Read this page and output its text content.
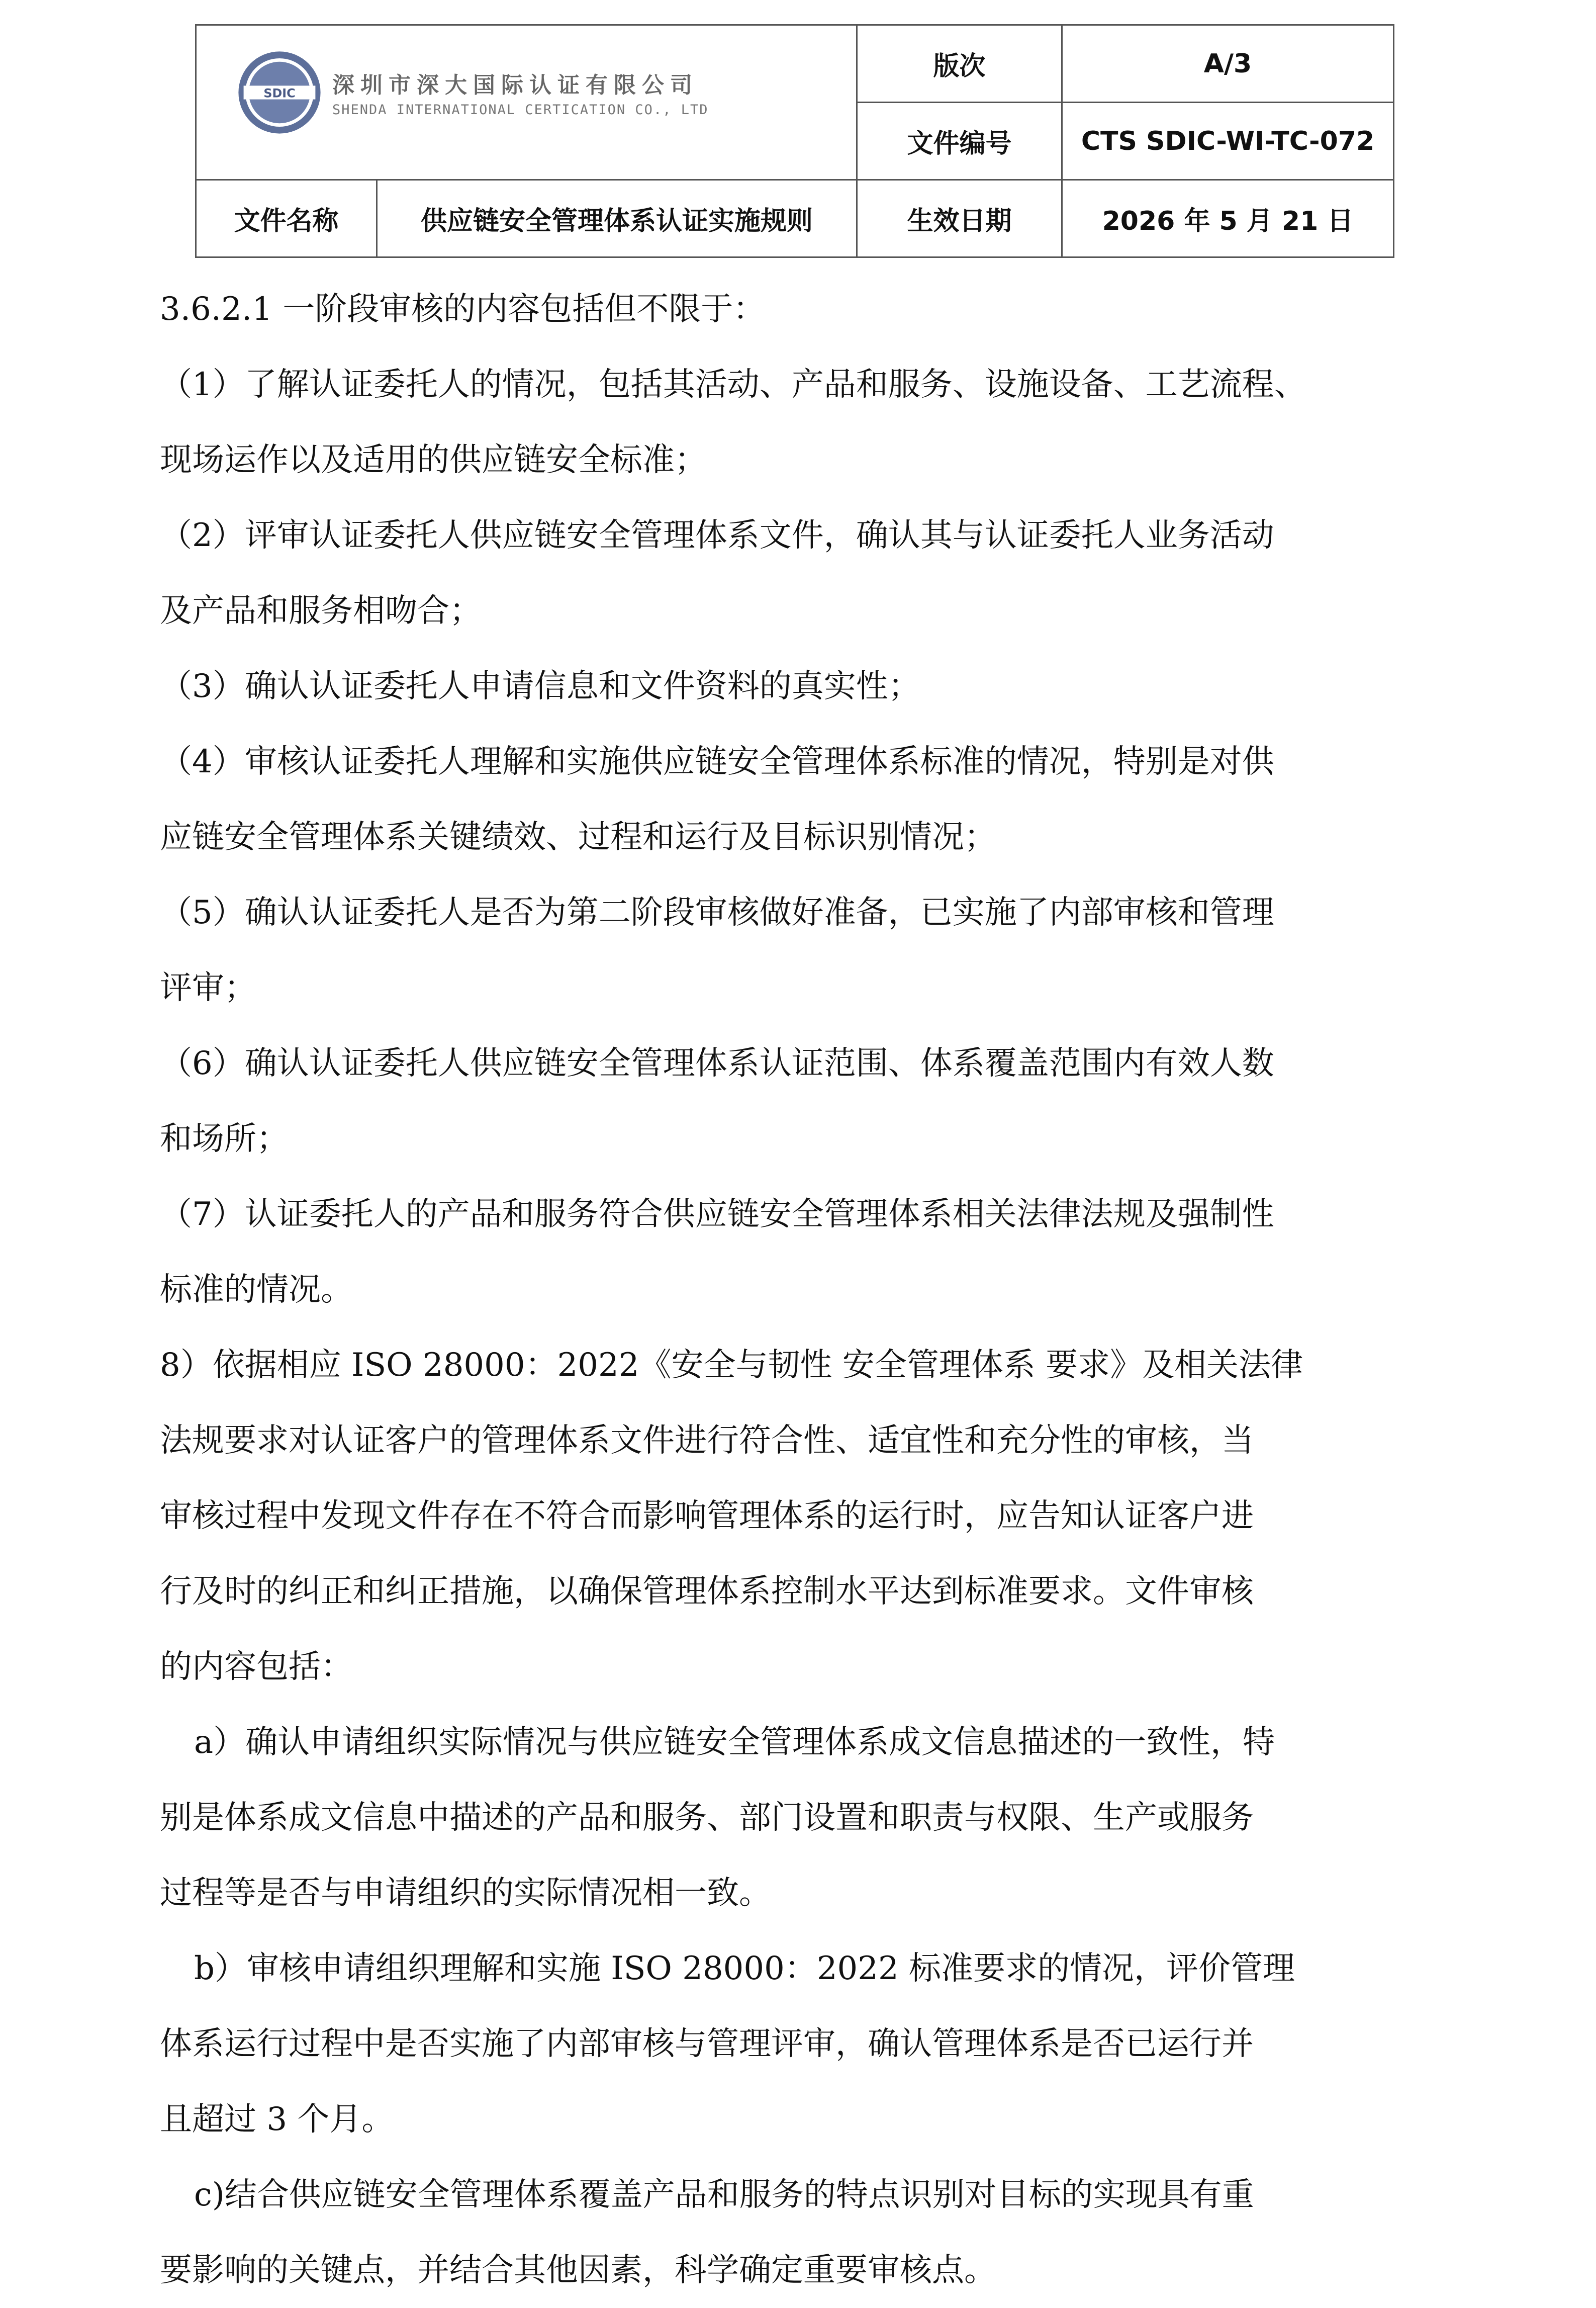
SDIC 深圳市深大国际认证有限公司
SHENDA INTERNATIONAL CERTICATION CO., LTD		版次	A/3
		文件编号	CTS SDIC-WI-TC-072
文件名称	供应链安全管理体系认证实施规则	生效日期	2026 年 5 月 21 日

3.6.2.1 一阶段审核的内容包括但不限于：

（1）了解认证委托人的情况，包括其活动、产品和服务、设施设备、工艺流程、

现场运作以及适用的供应链安全标准；

（2）评审认证委托人供应链安全管理体系文件，确认其与认证委托人业务活动

及产品和服务相吻合；

（3）确认认证委托人申请信息和文件资料的真实性；

（4）审核认证委托人理解和实施供应链安全管理体系标准的情况，特别是对供

应链安全管理体系关键绩效、过程和运行及目标识别情况；

（5）确认认证委托人是否为第二阶段审核做好准备，已实施了内部审核和管理

评审；

（6）确认认证委托人供应链安全管理体系认证范围、体系覆盖范围内有效人数

和场所；

（7）认证委托人的产品和服务符合供应链安全管理体系相关法律法规及强制性

标准的情况。

8）依据相应 ISO 28000：2022《安全与韧性 安全管理体系 要求》及相关法律

法规要求对认证客户的管理体系文件进行符合性、适宜性和充分性的审核，当

审核过程中发现文件存在不符合而影响管理体系的运行时，应告知认证客户进

行及时的纠正和纠正措施，以确保管理体系控制水平达到标准要求。文件审核

的内容包括：

a）确认申请组织实际情况与供应链安全管理体系成文信息描述的一致性，特

别是体系成文信息中描述的产品和服务、部门设置和职责与权限、生产或服务

过程等是否与申请组织的实际情况相一致。

b）审核申请组织理解和实施 ISO 28000：2022 标准要求的情况，评价管理

体系运行过程中是否实施了内部审核与管理评审，确认管理体系是否已运行并

且超过 3 个月。

c)结合供应链安全管理体系覆盖产品和服务的特点识别对目标的实现具有重

要影响的关键点，并结合其他因素，科学确定重要审核点。
